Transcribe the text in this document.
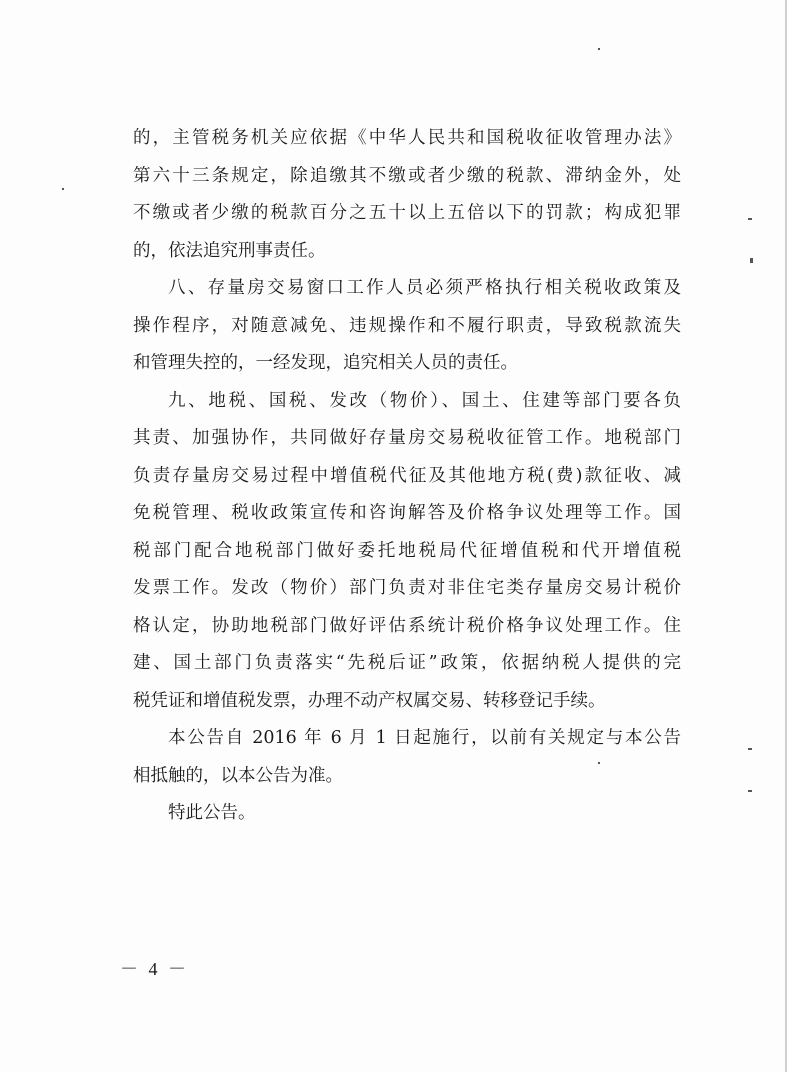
的，主管税务机关应依据《中华人民共和国税收征收管理办法》
第六十三条规定，除追缴其不缴或者少缴的税款、滞纳金外，处
不缴或者少缴的税款百分之五十以上五倍以下的罚款；构成犯罪
的，依法追究刑事责任。
八、存量房交易窗口工作人员必须严格执行相关税收政策及
操作程序，对随意减免、违规操作和不履行职责，导致税款流失
和管理失控的，一经发现，追究相关人员的责任。
九、地税、国税、发改（物价）、国土、住建等部门要各负
其责、加强协作，共同做好存量房交易税收征管工作。地税部门
负责存量房交易过程中增值税代征及其他地方税(费)款征收、减
免税管理、税收政策宣传和咨询解答及价格争议处理等工作。国
税部门配合地税部门做好委托地税局代征增值税和代开增值税
发票工作。发改（物价）部门负责对非住宅类存量房交易计税价
格认定，协助地税部门做好评估系统计税价格争议处理工作。住
建、国土部门负责落实“先税后证”政策，依据纳税人提供的完
税凭证和增值税发票，办理不动产权属交易、转移登记手续。
本公告自 2016 年 6 月 1 日起施行，以前有关规定与本公告
相抵触的，以本公告为准。
特此公告。
－ 4 －
